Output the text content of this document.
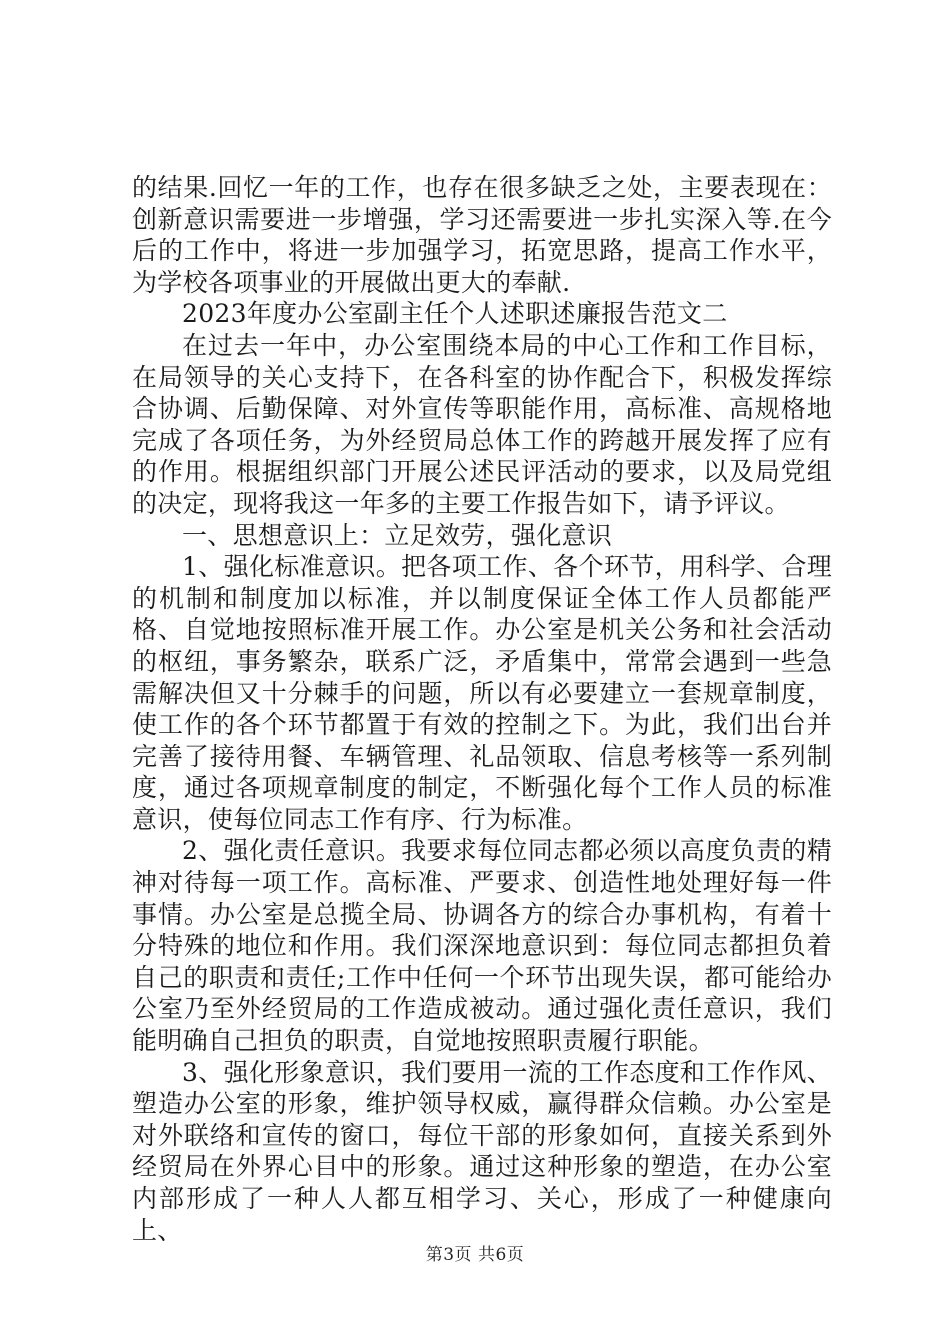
的结果.回忆一年的工作，也存在很多缺乏之处，主要表现在：创新意识需要进一步增强，学习还需要进一步扎实深入等.在今后的工作中，将进一步加强学习，拓宽思路，提高工作水平，为学校各项事业的开展做出更大的奉献.

2023年度办公室副主任个人述职述廉报告范文二

在过去一年中，办公室围绕本局的中心工作和工作目标，在局领导的关心支持下，在各科室的协作配合下，积极发挥综合协调、后勤保障、对外宣传等职能作用，高标准、高规格地完成了各项任务，为外经贸局总体工作的跨越开展发挥了应有的作用。根据组织部门开展公述民评活动的要求，以及局党组的决定，现将我这一年多的主要工作报告如下，请予评议。

一、思想意识上：立足效劳，强化意识

1、强化标准意识。把各项工作、各个环节，用科学、合理的机制和制度加以标准，并以制度保证全体工作人员都能严格、自觉地按照标准开展工作。办公室是机关公务和社会活动的枢纽，事务繁杂，联系广泛，矛盾集中，常常会遇到一些急需解决但又十分棘手的问题，所以有必要建立一套规章制度，使工作的各个环节都置于有效的控制之下。为此，我们出台并完善了接待用餐、车辆管理、礼品领取、信息考核等一系列制度，通过各项规章制度的制定，不断强化每个工作人员的标准意识，使每位同志工作有序、行为标准。

2、强化责任意识。我要求每位同志都必须以高度负责的精神对待每一项工作。高标准、严要求、创造性地处理好每一件事情。办公室是总揽全局、协调各方的综合办事机构，有着十分特殊的地位和作用。我们深深地意识到：每位同志都担负着自己的职责和责任;工作中任何一个环节出现失误，都可能给办公室乃至外经贸局的工作造成被动。通过强化责任意识，我们能明确自己担负的职责，自觉地按照职责履行职能。

3、强化形象意识，我们要用一流的工作态度和工作作风、塑造办公室的形象，维护领导权威，赢得群众信赖。办公室是对外联络和宣传的窗口，每位干部的形象如何，直接关系到外经贸局在外界心目中的形象。通过这种形象的塑造，在办公室内部形成了一种人人都互相学习、关心，形成了一种健康向上、

第3页 共6页
